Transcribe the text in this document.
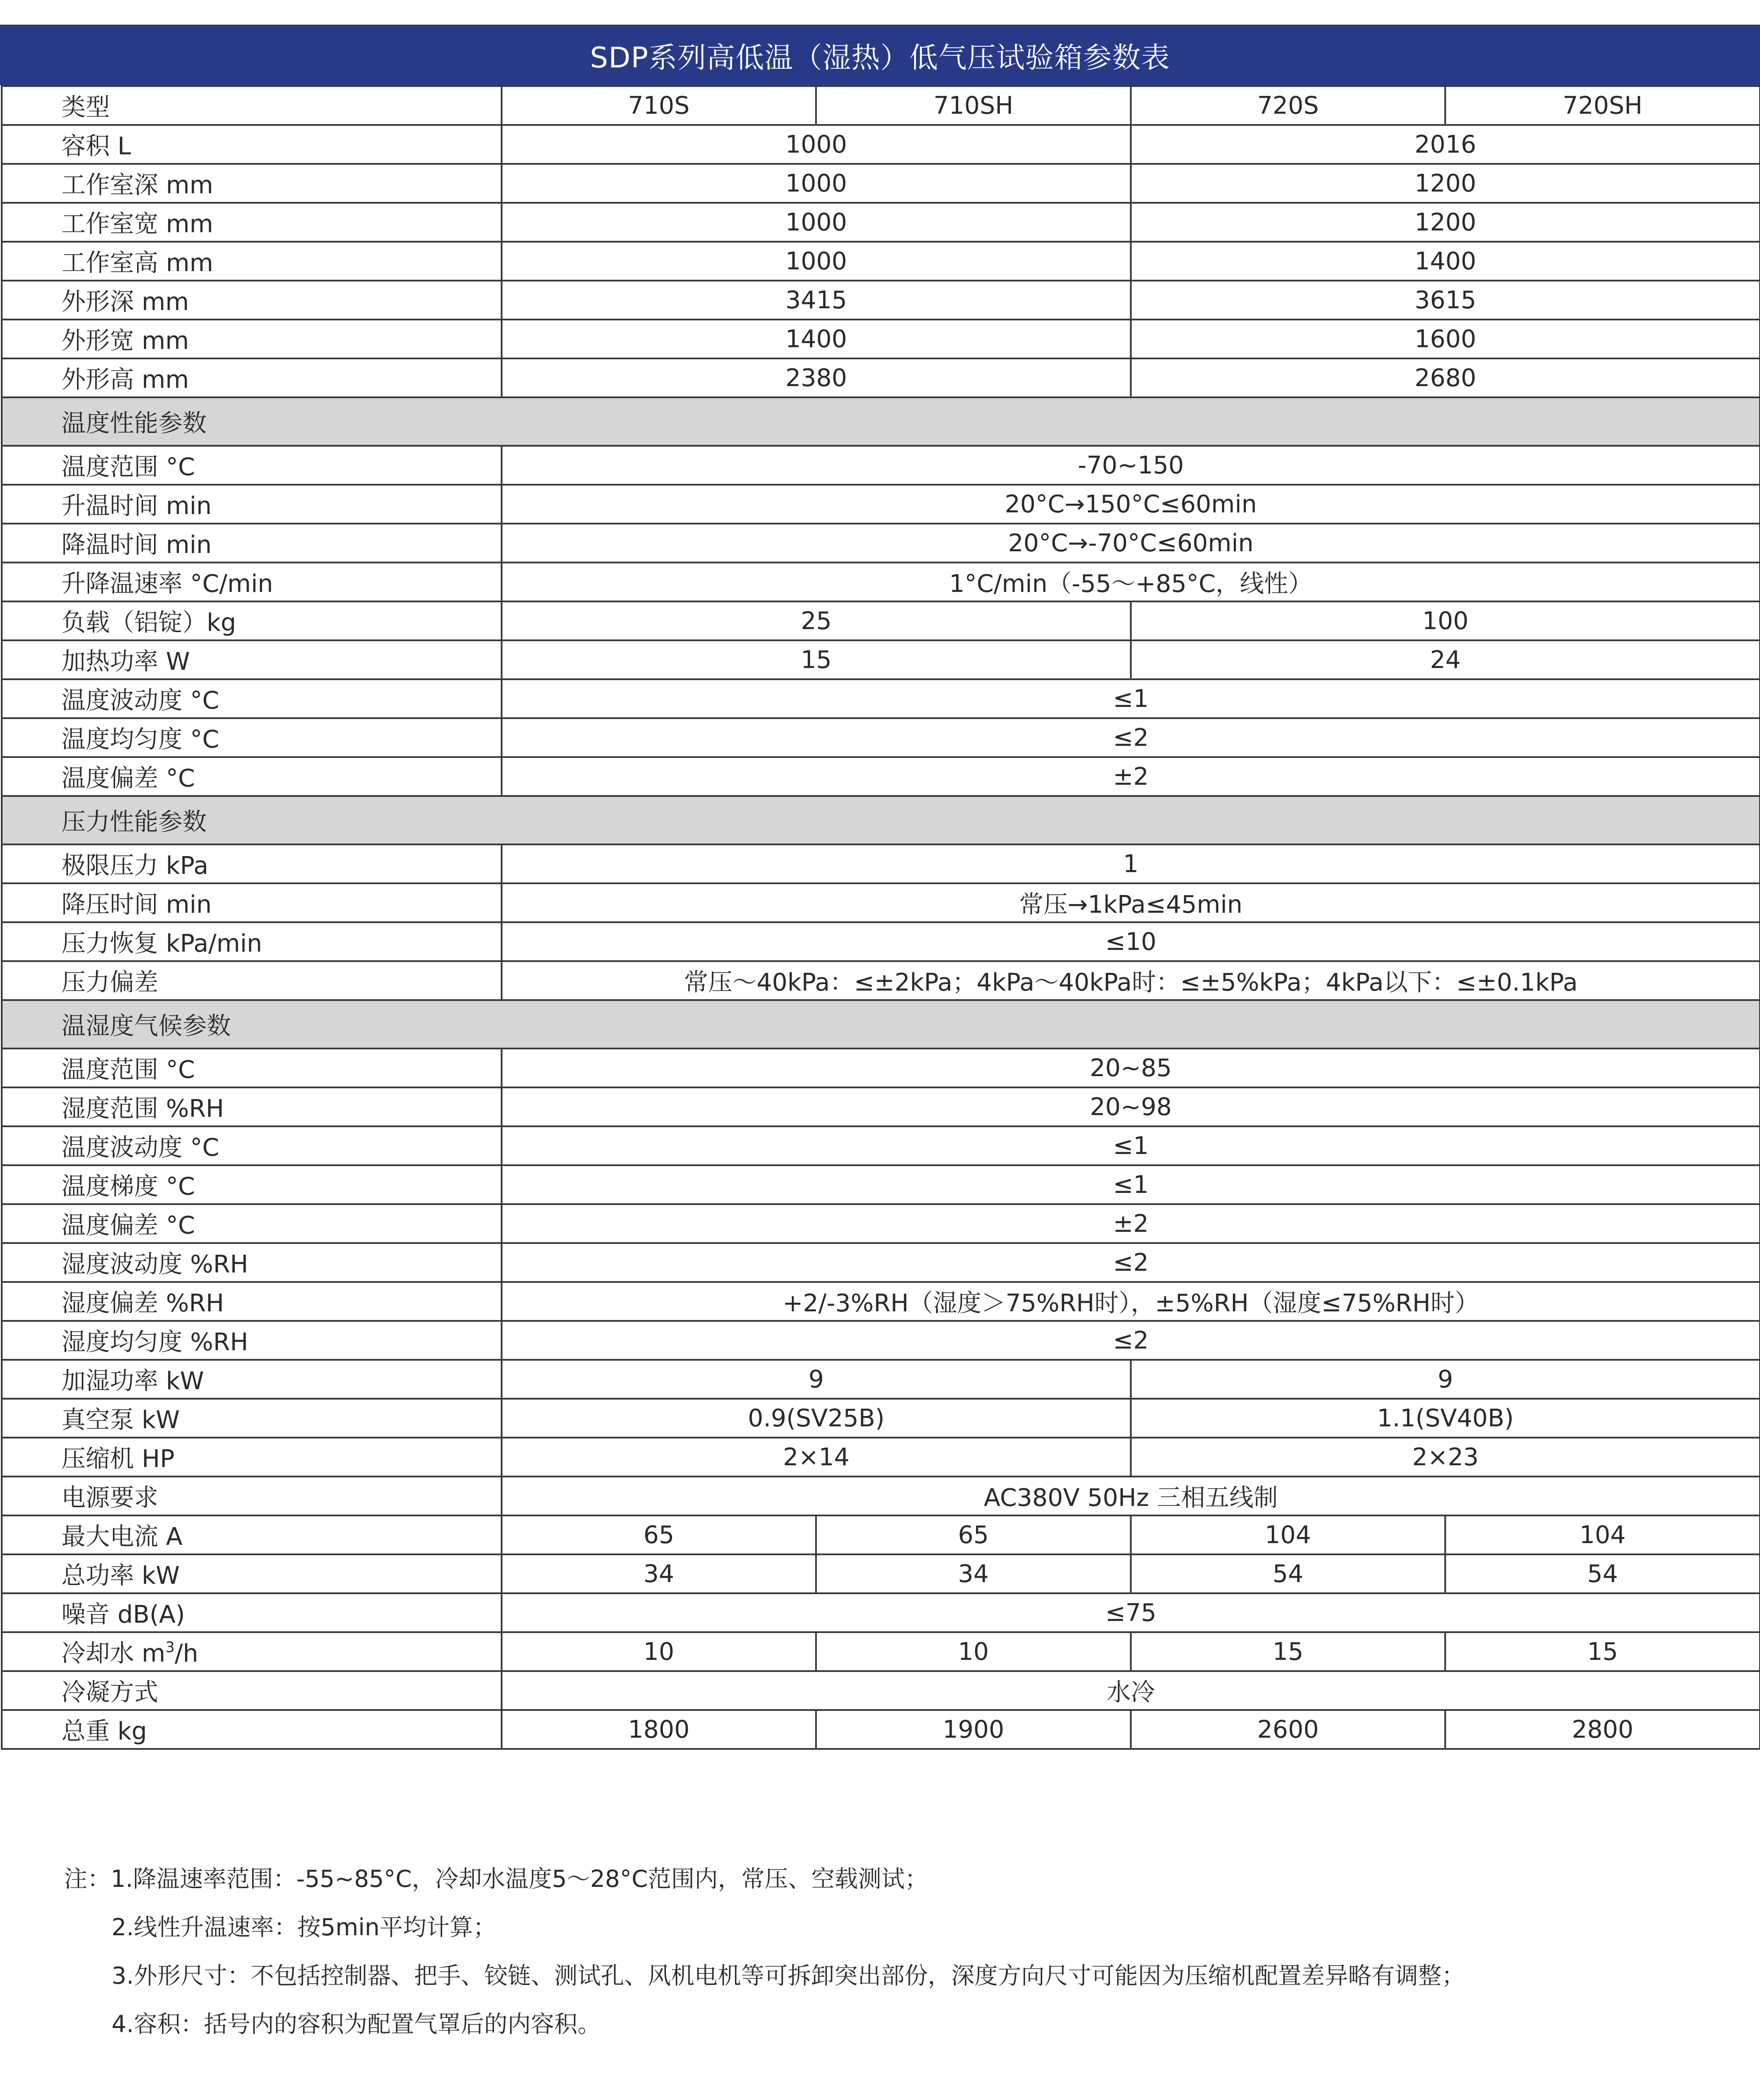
SDP系列高低温（湿热）低气压试验箱参数表
类型	710S	710SH	720S	720SH
容积 L	1000		2016	
工作室深 mm	1000		1200	
工作室宽 mm	1000		1200	
工作室高 mm	1000		1400	
外形深 mm	3415		3615	
外形宽 mm	1400		1600	
外形高 mm	2380		2680	
温度性能参数				
温度范围 °C	-70~150			
升温时间 min	20°C→150°C≤60min			
降温时间 min	20°C→-70°C≤60min			
升降温速率 °C/min	1°C/min（-55～+85°C，线性）			
负载（铝锭）kg	25		100	
加热功率 W	15		24	
温度波动度 °C	≤1			
温度均匀度 °C	≤2			
温度偏差 °C	±2			
压力性能参数				
极限压力 kPa	1			
降压时间 min	常压→1kPa≤45min			
压力恢复 kPa/min	≤10			
压力偏差	常压～40kPa：≤±2kPa；4kPa～40kPa时：≤±5%kPa；4kPa以下：≤±0.1kPa			
温湿度气候参数				
温度范围 °C	20~85			
湿度范围 %RH	20~98			
温度波动度 °C	≤1			
温度梯度 °C	≤1			
温度偏差 °C	±2			
湿度波动度 %RH	≤2			
湿度偏差 %RH	+2/-3%RH（湿度＞75%RH时），±5%RH（湿度≤75%RH时）			
湿度均匀度 %RH	≤2			
加湿功率 kW	9		9	
真空泵 kW	0.9(SV25B)		1.1(SV40B)	
压缩机 HP	2×14		2×23	
电源要求	AC380V 50Hz 三相五线制			
最大电流 A	65	65	104	104
总功率 kW	34	34	54	54
噪音 dB(A)	≤75			
冷却水 $m^3/h$	10	10	15	15
冷凝方式	水冷			
总重 kg	1800	1900	2600	2800
注：1.降温速率范围：-55~85°C，冷却水温度5～28°C范围内，常压、空载测试；
2.线性升温速率：按5min平均计算；
3.外形尺寸：不包括控制器、把手、铰链、测试孔、风机电机等可拆卸突出部份，深度方向尺寸可能因为压缩机配置差异略有调整；
4.容积：括号内的容积为配置气罩后的内容积。
